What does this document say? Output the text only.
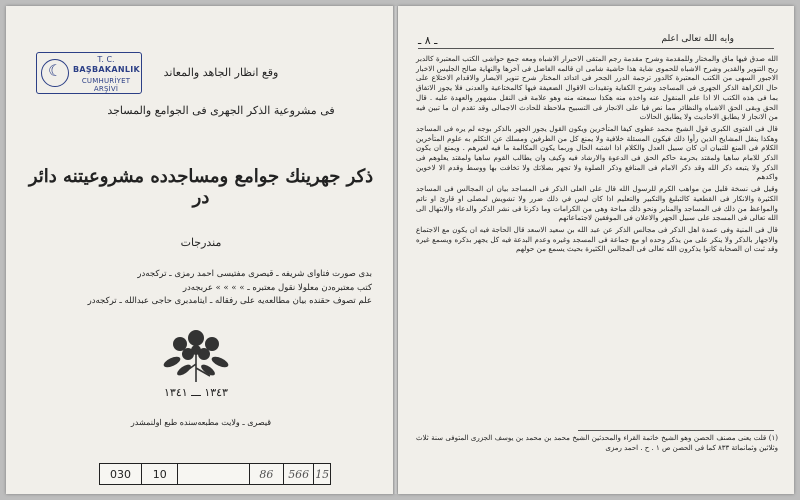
☾
T. C.
BAŞBAKANLIK
CUMHURİYET ARŞİVİ
وقع انظار الجاهد والمعاند
فى مشروعية الذكر الجهرى فى الجوامع والمساجد
ذكر جهرينك جوامع ومساجدده مشروعيتنه دائر در
مندرجات
بدى صورت فتاواى شريفه ـ قيصرى مفتيسى احمد رمزى ـ تركجه‌در
كتب معتبره‌دن معلولا نقول معتبره ـ » » » » عربجه‌در
علم تصوف حقنده بيان مطالعه‌يه على رفقاله ـ ايتامدبرى حاجى عبدالله ـ تركجه‌در
١٣٤٣ ـــ ١٣٤١
قيصرى ـ ولايت مطبعه‌سنده طبع اولنمشدر
030	10	86	566 15
ـ ٨ ـ	وايه الله تعالى اعلم

الله صدق فيها ماق والمختار وللمقدمة وشرح مقدمة رجم المتقى الاحبرار الاشباه ومعه جمع حواشى الكتب المعتبرة كالدبر ربح التنوير والقدير وشرح الاشباه للحموى شاية هذا حاشية شامى ان قالمه الفاضل فى آخرها والنهاية صالح الجليس الاخبار الاجبور السهى من الكتب المعتبرة كالدور ترجمة الدرر الجحر فى ائدائد المختار شرح تنوير الابصار والاقدام الاختلاع على حال الكراهة الذكر الجهرى فى المساجد وشرح الكفاية وتقيدات الاقوال الضعيفة فيها كالمختاعية والعدنى فلا يجوز الاتفاق بما فى هذه الكتب الا اذا علم المنقول عنه واخذه منه هكذا سمعته منه وهو علامة فى النقل مشهور والعهدة عليه . قال الحق وبقى الحق الاشباه والنظائر مما نص فيا على الانجاز فى التسبيح ملاحظة للحادث الاجمالى وقد تقدم ان ما تبين فيه من الانجاز لا يطابق الاحاديث ولا يطابق الحالات

قال فى الفتوى الكبرى قول الشيخ محمد عطوى كيفا المتأخرين ويكون القول يجوز الجهر بالذكر بوجه لم يره فى المساجد وهكذا ينقل المشايخ الذين رأوا ذلك فيكون المسئلة خلافية ولا يمنع كل من الطرفين ومسلك عن التكلم به علوم المتأخرين الكلام فى المنع للتبيان ان كان سبيل العدل والكلام اذا اشتبه الحال وربما يكون المكالمة ما فيه لغيرهم . ويمنع ان يكون الذكر للامام ساهيا ولمقتد بحرمة حاكم الحق فى الدعوة والارشاد فيه وكيف وان يطالب القوم ساهيا ولمقتد يعلوهم فى الذكر ولا يتبعه ذكر الله وقد ذكر الامام فى المنافع وذكر الصلوة ولا تجهر بصلاتك ولا تخافت بها ووسط وقدم الا لاخوين واكدهم

وقيل فى نسخة قليل من مواهب الكرم للرسول الله قال على العلى الذكر فى المساجد بيان ان المجالس فى المساجد الكثيرة والانكار فى القطعية كالتبليغ والتكبير والتعليم اذا كان ليس في ذلك ضرر ولا تشويش لمصلى او قارئ او نائم والمواعظ من ذلك فى المساجد والمنابر ونحو ذلك مباحة وهى من الكرامات وما ذكرنا فى نشر الذكر والدعاء والابتهال الى الله تعالى فى المسجد على سبيل الجهر والاعلان فى الموفقين لاجتماعاتهم

قال فى المنية وفى عمدة اهل الذكر فى مجالس الذكر عن عبد الله بن سعيد الاسعد قال الحاجة فيه ان يكون مع الاجتماع والاجهار بالذكر ولا ينكر على من يذكر وحده او مع جماعة فى المسجد وغيره وعدم البدعة فيه كل يجهر بذكره ويسمع غيره وقد ثبت ان الصحابة كانوا يذكرون الله تعالى فى المجالس الكثيرة بحيث يسمع من حولهم

(١) قلت يعنى مصنف الحصن وهو الشيخ خاتمة القراء والمحدثين الشيخ محمد بن محمد بن يوسف الجزرى المتوفى سنة ثلاث وثلاثين وثمانمائة ٨٣٣ كما فى الحصن ص ١ . ح . احمد رمزى
